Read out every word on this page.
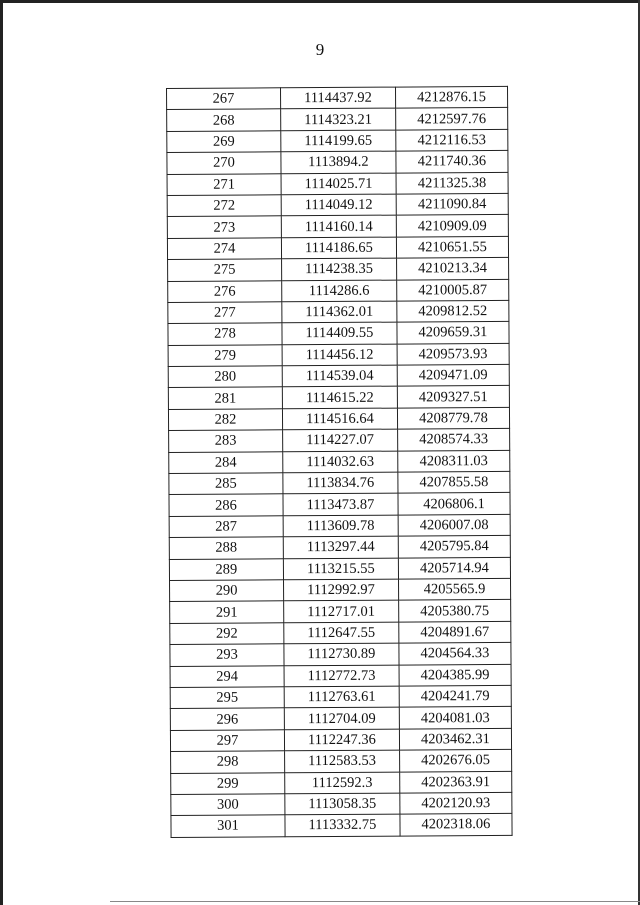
9
267	1114437.92	4212876.15
268	1114323.21	4212597.76
269	1114199.65	4212116.53
270	1113894.2	4211740.36
271	1114025.71	4211325.38
272	1114049.12	4211090.84
273	1114160.14	4210909.09
274	1114186.65	4210651.55
275	1114238.35	4210213.34
276	1114286.6	4210005.87
277	1114362.01	4209812.52
278	1114409.55	4209659.31
279	1114456.12	4209573.93
280	1114539.04	4209471.09
281	1114615.22	4209327.51
282	1114516.64	4208779.78
283	1114227.07	4208574.33
284	1114032.63	4208311.03
285	1113834.76	4207855.58
286	1113473.87	4206806.1
287	1113609.78	4206007.08
288	1113297.44	4205795.84
289	1113215.55	4205714.94
290	1112992.97	4205565.9
291	1112717.01	4205380.75
292	1112647.55	4204891.67
293	1112730.89	4204564.33
294	1112772.73	4204385.99
295	1112763.61	4204241.79
296	1112704.09	4204081.03
297	1112247.36	4203462.31
298	1112583.53	4202676.05
299	1112592.3	4202363.91
300	1113058.35	4202120.93
301	1113332.75	4202318.06
